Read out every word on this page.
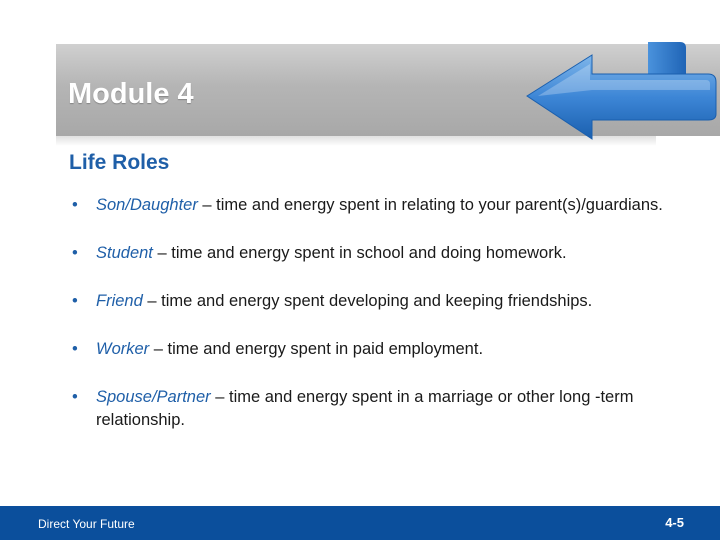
Module 4
Life Roles
• Son/Daughter – time and energy spent in relating to your parent(s)/guardians.
• Student – time and energy spent in school and doing homework.
• Friend – time and energy spent developing and keeping friendships.
• Worker – time and energy spent in paid employment.
• Spouse/Partner – time and energy spent in a marriage or other long -term relationship.
Direct Your Future	4-5
